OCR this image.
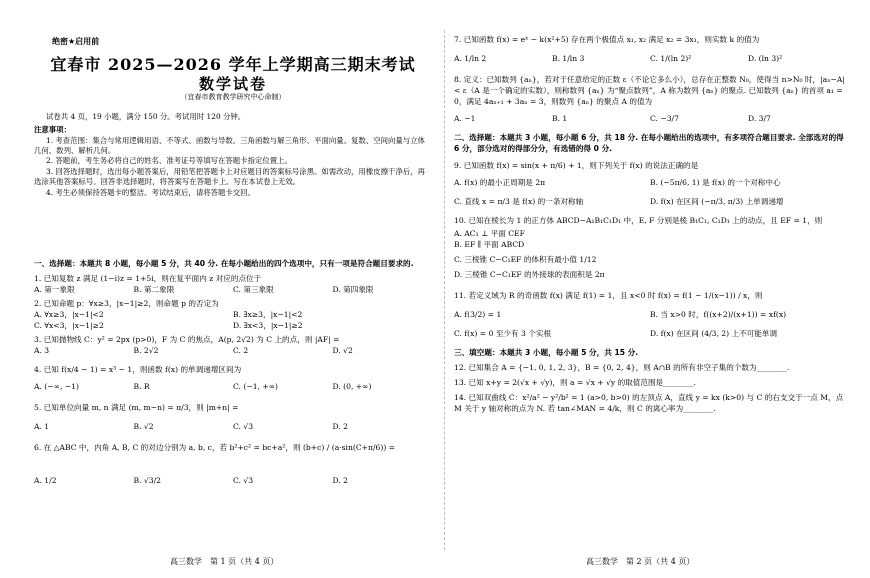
绝密★启用前
宜春市 2025—2026 学年上学期高三期末考试
数学试卷
（宜春市教育教学研究中心命制）

试卷共 4 页，19 小题，满分 150 分。考试用时 120 分钟。

注意事项：

1. 考查范围：集合与常用逻辑用语、不等式、函数与导数、三角函数与解三角形、平面向量、复数、空间向量与立体几何、数列、解析几何。

2. 答题前，考生务必将自己的姓名、准考证号等填写在答题卡指定位置上。

3. 回答选择题时，选出每小题答案后，用铅笔把答题卡上对应题目的答案标号涂黑。如需改动，用橡皮擦干净后，再选涂其他答案标号。回答非选择题时，将答案写在答题卡上。写在本试卷上无效。

4. 考生必须保持答题卡的整洁。考试结束后，请将答题卡交回。

一、选择题：本题共 8 小题，每小题 5 分，共 40 分. 在每小题给出的四个选项中，只有一项是符合题目要求的.

1. 已知复数 z 满足 (1−i)z = 1+5i，则在复平面内 z 对应的点位于

A. 第一象限	B. 第二象限	C. 第三象限	D. 第四象限

2. 已知命题 p：∀x≥3，|x−1|≥2，则命题 p 的否定为

A. ∀x≥3，|x−1|<2	B. ∃x≥3，|x−1|<2
C. ∀x<3，|x−1|≥2	D. ∃x<3，|x−1|≥2

3. 已知抛物线 C：y² = 2px (p>0)，F 为 C 的焦点，A(p, 2√2) 为 C 上的点，则 |AF| =

A. 3	B. 2√2	C. 2	D. √2

4. 已知 f(x/4 − 1) = x³ − 1，则函数 f(x) 的单调递增区间为

A. (−∞, −1)	B. R	C. (−1, +∞)	D. (0, +∞)

5. 已知单位向量 m, n 满足 (m, m−n) = π/3，则 |m+n| =

A. 1	B. √2	C. √3	D. 2

6. 在 △ABC 中，内角 A, B, C 的对边分别为 a, b, c，若 b²+c² = bc+a²，则 (b+c) / (a·sin(C+π/6)) =

A. 1/2	B. √3/2	C. √3	D. 2

7. 已知函数 f(x) = eˣ − k(x²+5) 存在两个极值点 x₁, x₂ 满足 x₂ = 3x₁，则实数 k 的值为

A. 1/ln 2	B. 1/ln 3	C. 1/(ln 2)²	D. (ln 3)²

8. 定义：已知数列 {aₙ}，若对于任意给定的正数 ε（不论它多么小），总存在正整数 N₀，使得当 n>N₀ 时，|aₙ−A| < ε（A 是一个确定的实数），则称数列 {aₙ} 为“聚点数列”，A 称为数列 {aₙ} 的聚点. 已知数列 {aₙ} 的首项 a₁ = 0，满足 4aₙ₊₁ + 3aₙ = 3，则数列 {aₙ} 的聚点 A 的值为

A. −1	B. 1	C. −3/7	D. 3/7

二、选择题：本题共 3 小题，每小题 6 分，共 18 分. 在每小题给出的选项中，有多项符合题目要求. 全部选对的得 6 分，部分选对的得部分分，有选错的得 0 分.

9. 已知函数 f(x) = sin(x + π/6) + 1，则下列关于 f(x) 的说法正确的是

A. f(x) 的最小正周期是 2π	B. (−5π/6, 1) 是 f(x) 的一个对称中心
C. 直线 x = π/3 是 f(x) 的一条对称轴	D. f(x) 在区间 (−π/3, π/3) 上单调递增

10. 已知在棱长为 1 的正方体 ABCD−A₁B₁C₁D₁ 中，E, F 分别是棱 B₁C₁, C₁D₁ 上的动点，且 EF = 1，则

A. AC₁ ⊥ 平面 CEF

B. EF ∥ 平面 ABCD

C. 三棱锥 C−C₁EF 的体积有最小值 1/12

D. 三棱锥 C−C₁EF 的外接球的表面积是 2π

11. 若定义域为 R 的奇函数 f(x) 满足 f(1) = 1，且 x<0 时 f(x) = f(1 − 1/(x−1)) / x，则

A. f(3/2) = 1	B. 当 x>0 时，f((x+2)/(x+1)) = xf(x)
C. f(x) = 0 至少有 3 个实根	D. f(x) 在区间 (4/3, 2) 上不可能单调

三、填空题：本题共 3 小题，每小题 5 分，共 15 分.

12. 已知集合 A = {−1, 0, 1, 2, 3}，B = {0, 2, 4}，则 A∩B 的所有非空子集的个数为________.

13. 已知 x+y = 2(√x + √y)，则 a = √x + √y 的取值范围是________.

14. 已知双曲线 C：x²/a² − y²/b² = 1 (a>0, b>0) 的左顶点 A，直线 y = kx (k>0) 与 C 的右支交于一点 M，点 M 关于 y 轴对称的点为 N. 若 tan∠MAN = 4/k，则 C 的离心率为________.

高三数学　第 1 页（共 4 页）	高三数学　第 2 页（共 4 页）
